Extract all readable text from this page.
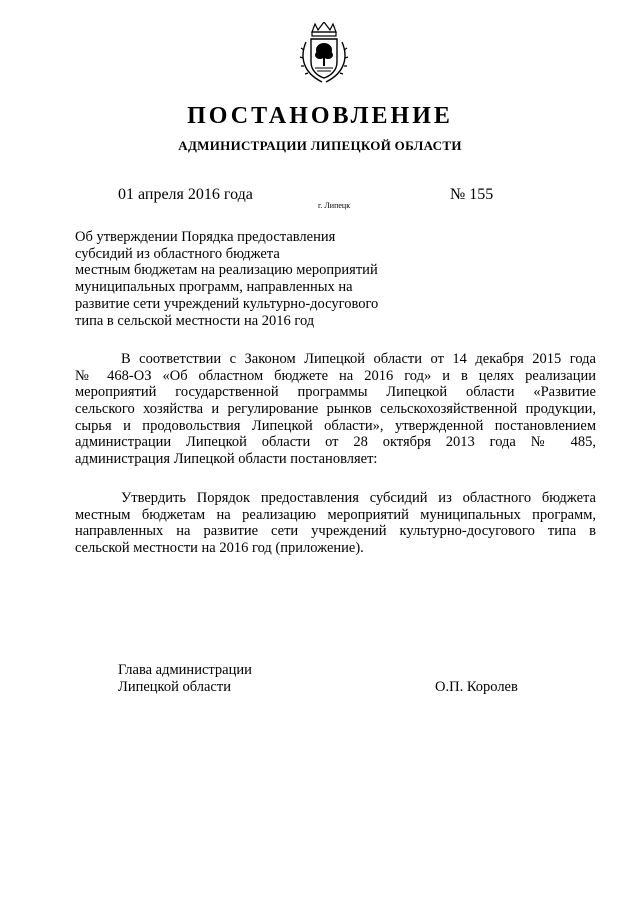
ПОСТАНОВЛЕНИЕ
АДМИНИСТРАЦИИ ЛИПЕЦКОЙ ОБЛАСТИ
01 апреля 2016 года
г. Липецк
№ 155
Об утверждении Порядка предоставления
субсидий из областного бюджета
местным бюджетам на реализацию мероприятий
муниципальных программ, направленных на
развитие сети учреждений культурно-досугового
типа в сельской местности на 2016 год
В соответствии с Законом Липецкой области от 14 декабря 2015 года
№ 468-ОЗ «Об областном бюджете на 2016 год» и в целях реализации
мероприятий государственной программы Липецкой области «Развитие
сельского хозяйства и регулирование рынков сельскохозяйственной продукции,
сырья и продовольствия Липецкой области», утвержденной постановлением
администрации Липецкой области от 28 октября 2013 года № 485,
администрация Липецкой области постановляет:
Утвердить Порядок предоставления субсидий из областного бюджета
местным бюджетам на реализацию мероприятий муниципальных программ,
направленных на развитие сети учреждений культурно-досугового типа в
сельской местности на 2016 год (приложение).
Глава администрации
Липецкой области	О.П. Королев
